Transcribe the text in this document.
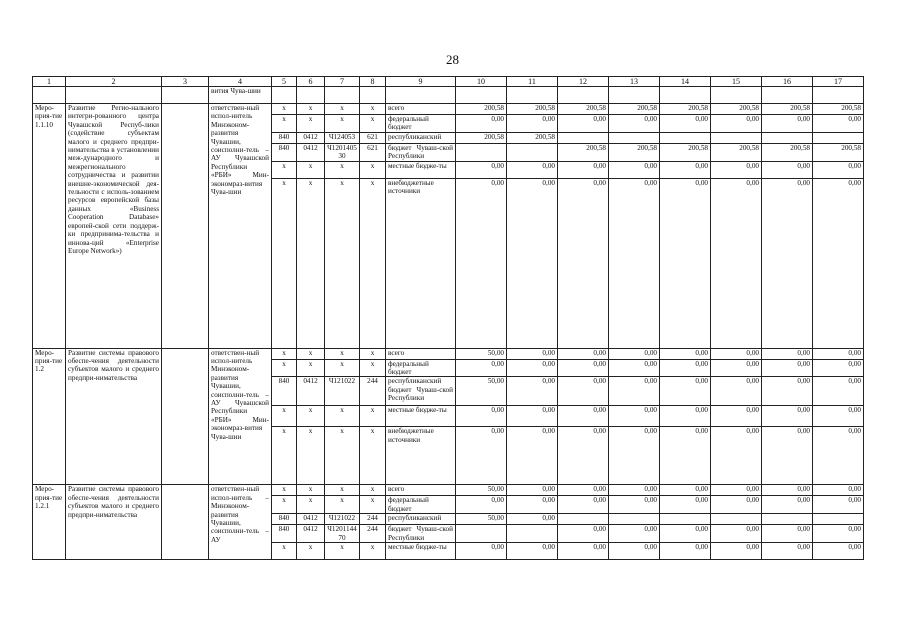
28
1	2	3	4	5	6	7	8	9	10	11	12	13	14	15	16	17
			вития Чува-шии													
Меро-прия-тие 1.1.10	Развитие Регио-нального интегри-рованного центра Чувашской Респуб-лики (содействие субъектам малого и среднего предпри-нимательства в установлении меж-дународного и межрегионального сотрудничества и развитии внешне-экономической дея-тельности с исполь-зованием ресурсов европейской базы данных «Business Cooperation Database» европей-ской сети поддерж-ки предпринима-тельства и иннова-ций «Enterprise Europe Network»)		ответствен-ный испол-нитель Минэконом-развития Чувашии, соисполни-тель – АУ Чувашской Республики «РБИ» Мин-экономраз-вития Чува-шии	x	x	x	x	всего	200,58	200,58	200,58	200,58	200,58	200,58	200,58	200,58
				x	x	x	x	федеральный бюджет	0,00	0,00	0,00	0,00	0,00	0,00	0,00	0,00
				840	0412	Ч124053	621	республиканский	200,58	200,58						
				840	0412	Ч1201405 30	621	бюджет Чуваш-ской Республики			200,58	200,58	200,58	200,58	200,58	200,58
				x	x	x	x	местные бюдже-ты	0,00	0,00	0,00	0,00	0,00	0,00	0,00	0,00
				x	x	x	x	внебюджетные источники	0,00	0,00	0,00	0,00	0,00	0,00	0,00	0,00
Меро-прия-тие 1.2	Развитие системы правового обеспе-чения деятельности субъектов малого и среднего предпри-нимательства		ответствен-ный испол-нитель Минэконом-развития Чувашии, соисполни-тель – АУ Чувашской Республики «РБИ» Мин-экономраз-вития Чува-шии	x	x	x	x	всего	50,00	0,00	0,00	0,00	0,00	0,00	0,00	0,00
				x	x	x	x	федеральный бюджет	0,00	0,00	0,00	0,00	0,00	0,00	0,00	0,00
				840	0412	Ч121022	244	республиканский бюджет Чуваш-ской Республики	50,00	0,00	0,00	0,00	0,00	0,00	0,00	0,00
				x	x	x	x	местные бюдже-ты	0,00	0,00	0,00	0,00	0,00	0,00	0,00	0,00
				x	x	x	x	внебюджетные источники	0,00	0,00	0,00	0,00	0,00	0,00	0,00	0,00
Меро-прия-тие 1.2.1	Развитие системы правового обеспе-чения деятельности субъектов малого и среднего предпри-нимательства		ответствен-ный испол-нитель – Минэконом-развития Чувашии, соисполни-тель – АУ	x	x	x	x	всего	50,00	0,00	0,00	0,00	0,00	0,00	0,00	0,00
				x	x	x	x	федеральный бюджет	0,00	0,00	0,00	0,00	0,00	0,00	0,00	0,00
				840	0412	Ч121022	244	республиканский	50,00	0,00						
				840	0412	Ч1201144 70	244	бюджет Чуваш-ской Республики			0,00	0,00	0,00	0,00	0,00	0,00
				x	x	x	x	местные бюдже-ты	0,00	0,00	0,00	0,00	0,00	0,00	0,00	0,00
